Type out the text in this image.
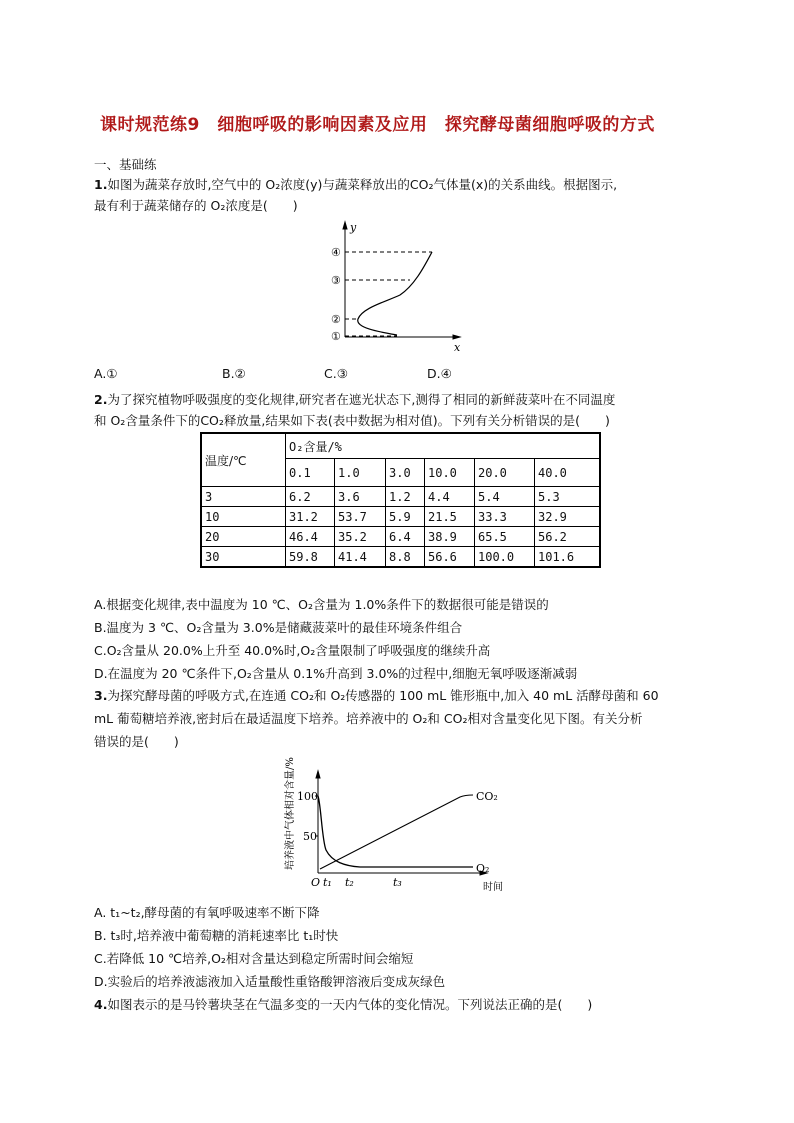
课时规范练9　细胞呼吸的影响因素及应用　探究酵母菌细胞呼吸的方式
一、基础练
1.如图为蔬菜存放时,空气中的 O₂浓度(y)与蔬菜释放出的CO₂气体量(x)的关系曲线。根据图示,
最有利于蔬菜储存的 O₂浓度是(　　)
y
x
④
③
②
①
培养液中气体相对含量/% 100
50
O t₁ t₂	t₃	时间
CO₂
O₂
A.①	B.②	C.③	D.④
2.为了探究植物呼吸强度的变化规律,研究者在遮光状态下,测得了相同的新鲜菠菜叶在不同温度
和 O₂含量条件下的CO₂释放量,结果如下表(表中数据为相对值)。下列有关分析错误的是(　　)
温度/℃	O₂含量/%					
	0.1	1.0	3.0	10.0	20.0	40.0
3	6.2	3.6	1.2	4.4	5.4	5.3
10	31.2	53.7	5.9	21.5	33.3	32.9
20	46.4	35.2	6.4	38.9	65.5	56.2
30	59.8	41.4	8.8	56.6	100.0	101.6
A.根据变化规律,表中温度为 10 ℃、O₂含量为 1.0%条件下的数据很可能是错误的
B.温度为 3 ℃、O₂含量为 3.0%是储藏菠菜叶的最佳环境条件组合
C.O₂含量从 20.0%上升至 40.0%时,O₂含量限制了呼吸强度的继续升高
D.在温度为 20 ℃条件下,O₂含量从 0.1%升高到 3.0%的过程中,细胞无氧呼吸逐渐减弱
3.为探究酵母菌的呼吸方式,在连通 CO₂和 O₂传感器的 100 mL 锥形瓶中,加入 40 mL 活酵母菌和 60
mL 葡萄糖培养液,密封后在最适温度下培养。培养液中的 O₂和 CO₂相对含量变化见下图。有关分析
错误的是(　　)
A. t₁~t₂,酵母菌的有氧呼吸速率不断下降
B. t₃时,培养液中葡萄糖的消耗速率比 t₁时快
C.若降低 10 ℃培养,O₂相对含量达到稳定所需时间会缩短
D.实验后的培养液滤液加入适量酸性重铬酸钾溶液后变成灰绿色
4.如图表示的是马铃薯块茎在气温多变的一天内气体的变化情况。下列说法正确的是(　　)
